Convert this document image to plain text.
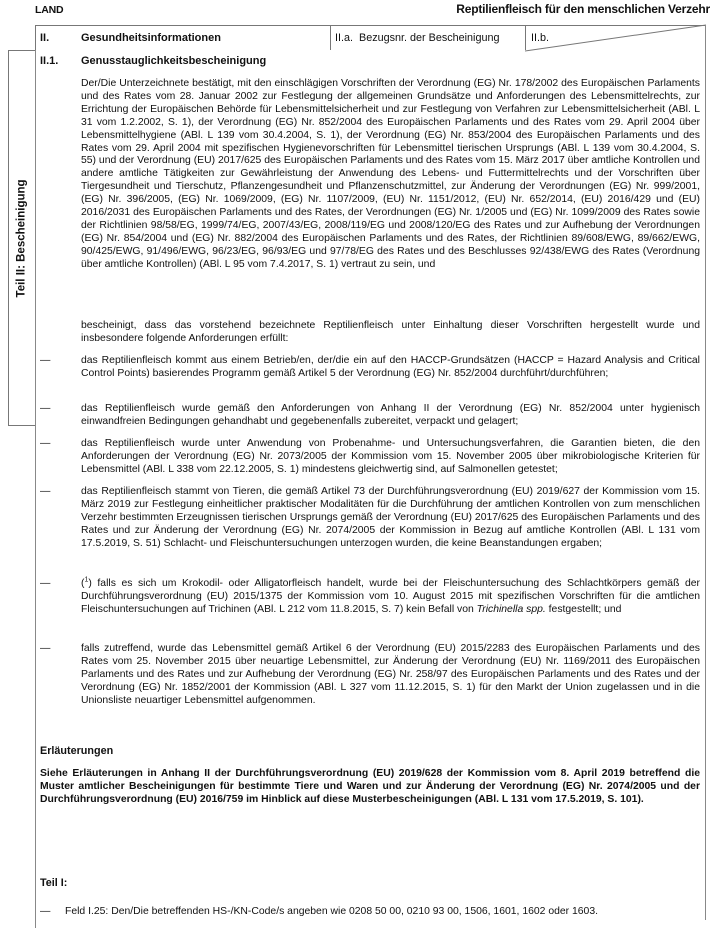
LAND	Reptilienfleisch für den menschlichen Verzehr
II.	Gesundheitsinformationen	II.a.  Bezugsnr. der Bescheinigung	II.b.
Teil II: Bescheinigung
II.1. Genusstauglichkeitsbescheinigung

Der/Die Unterzeichnete bestätigt, mit den einschlägigen Vorschriften der Verordnung (EG) Nr. 178/2002 des Europäischen Parlaments und des Rates vom 28. Januar 2002 zur Festlegung der allgemeinen Grundsätze und Anforderungen des Lebensmittelrechts, zur Errichtung der Europäischen Behörde für Lebensmittelsicherheit und zur Festlegung von Verfahren zur Lebensmittelsicherheit (ABl. L 31 vom 1.2.2002, S. 1), der Verordnung (EG) Nr. 852/2004 des Europäischen Parlaments und des Rates vom 29. April 2004 über Lebensmittelhygiene (ABl. L 139 vom 30.4.2004, S. 1), der Verordnung (EG) Nr. 853/2004 des Europäischen Parlaments und des Rates vom 29. April 2004 mit spezifischen Hygienevorschriften für Lebensmittel tierischen Ursprungs (ABl. L 139 vom 30.4.2004, S. 55) und der Verordnung (EU) 2017/625 des Europäischen Parlaments und des Rates vom 15. März 2017 über amtliche Kontrollen und andere amtliche Tätigkeiten zur Gewährleistung der Anwendung des Lebens- und Futtermittelrechts und der Vorschriften über Tiergesundheit und Tierschutz, Pflanzengesundheit und Pflanzenschutzmittel, zur Änderung der Verordnungen (EG) Nr. 999/2001, (EG) Nr. 396/2005, (EG) Nr. 1069/2009, (EG) Nr. 1107/2009, (EU) Nr. 1151/2012, (EU) Nr. 652/2014, (EU) 2016/429 und (EU) 2016/2031 des Europäischen Parlaments und des Rates, der Verordnungen (EG) Nr. 1/2005 und (EG) Nr. 1099/2009 des Rates sowie der Richtlinien 98/58/EG, 1999/74/EG, 2007/43/EG, 2008/119/EG und 2008/120/EG des Rates und zur Aufhebung der Verordnungen (EG) Nr. 854/2004 und (EG) Nr. 882/2004 des Europäischen Parlaments und des Rates, der Richtlinien 89/608/EWG, 89/662/EWG, 90/425/EWG, 91/496/EWG, 96/23/EG, 96/93/EG und 97/78/EG des Rates und des Beschlusses 92/438/EWG des Rates (Verordnung über amtliche Kontrollen) (ABl. L 95 vom 7.4.2017, S. 1) vertraut zu sein, und

bescheinigt, dass das vorstehend bezeichnete Reptilienfleisch unter Einhaltung dieser Vorschriften hergestellt wurde und insbesondere folgende Anforderungen erfüllt:

—	das Reptilienfleisch kommt aus einem Betrieb/en, der/die ein auf den HACCP-Grundsätzen (HACCP = Hazard Analysis and Critical Control Points) basierendes Programm gemäß Artikel 5 der Verordnung (EG) Nr. 852/2004 durchführt/durchführen;

—	das Reptilienfleisch wurde gemäß den Anforderungen von Anhang II der Verordnung (EG) Nr. 852/2004 unter hygienisch einwandfreien Bedingungen gehandhabt und gegebenenfalls zubereitet, verpackt und gelagert;

—	das Reptilienfleisch wurde unter Anwendung von Probenahme- und Untersuchungsverfahren, die Garantien bieten, die den Anforderungen der Verordnung (EG) Nr. 2073/2005 der Kommission vom 15. November 2005 über mikrobiologische Kriterien für Lebensmittel (ABl. L 338 vom 22.12.2005, S. 1) mindestens gleichwertig sind, auf Salmonellen getestet;

—	das Reptilienfleisch stammt von Tieren, die gemäß Artikel 73 der Durchführungsverordnung (EU) 2019/627 der Kommission vom 15. März 2019 zur Festlegung einheitlicher praktischer Modalitäten für die Durchführung der amtlichen Kontrollen von zum menschlichen Verzehr bestimmten Erzeugnissen tierischen Ursprungs gemäß der Verordnung (EU) 2017/625 des Europäischen Parlaments und des Rates und zur Änderung der Verordnung (EG) Nr. 2074/2005 der Kommission in Bezug auf amtliche Kontrollen (ABl. L 131 vom 17.5.2019, S. 51) Schlacht- und Fleischuntersuchungen unterzogen wurden, die keine Beanstandungen ergaben;

—	($^1$) falls es sich um Krokodil- oder Alligatorfleisch handelt, wurde bei der Fleischuntersuchung des Schlachtkörpers gemäß der Durchführungsverordnung (EU) 2015/1375 der Kommission vom 10. August 2015 mit spezifischen Vorschriften für die amtlichen Fleischuntersuchungen auf Trichinen (ABl. L 212 vom 11.8.2015, S. 7) kein Befall von Trichinella spp. festgestellt; und

—	falls zutreffend, wurde das Lebensmittel gemäß Artikel 6 der Verordnung (EU) 2015/2283 des Europäischen Parlaments und des Rates vom 25. November 2015 über neuartige Lebensmittel, zur Änderung der Verordnung (EU) Nr. 1169/2011 des Europäischen Parlaments und des Rates und zur Aufhebung der Verordnung (EG) Nr. 258/97 des Europäischen Parlaments und des Rates und der Verordnung (EG) Nr. 1852/2001 der Kommission (ABl. L 327 vom 11.12.2015, S. 1) für den Markt der Union zugelassen und in die Unionsliste neuartiger Lebensmittel aufgenommen.

Erläuterungen

Siehe Erläuterungen in Anhang II der Durchführungsverordnung (EU) 2019/628 der Kommission vom 8. April 2019 betreffend die Muster amtlicher Bescheinigungen für bestimmte Tiere und Waren und zur Änderung der Verordnung (EG) Nr. 2074/2005 und der Durchführungsverordnung (EU) 2016/759 im Hinblick auf diese Musterbescheinigungen (ABl. L 131 vom 17.5.2019, S. 101).

Teil I:
— Feld I.25: Den/Die betreffenden HS-/KN-Code/s angeben wie 0208 50 00, 0210 93 00, 1506, 1601, 1602 oder 1603.
